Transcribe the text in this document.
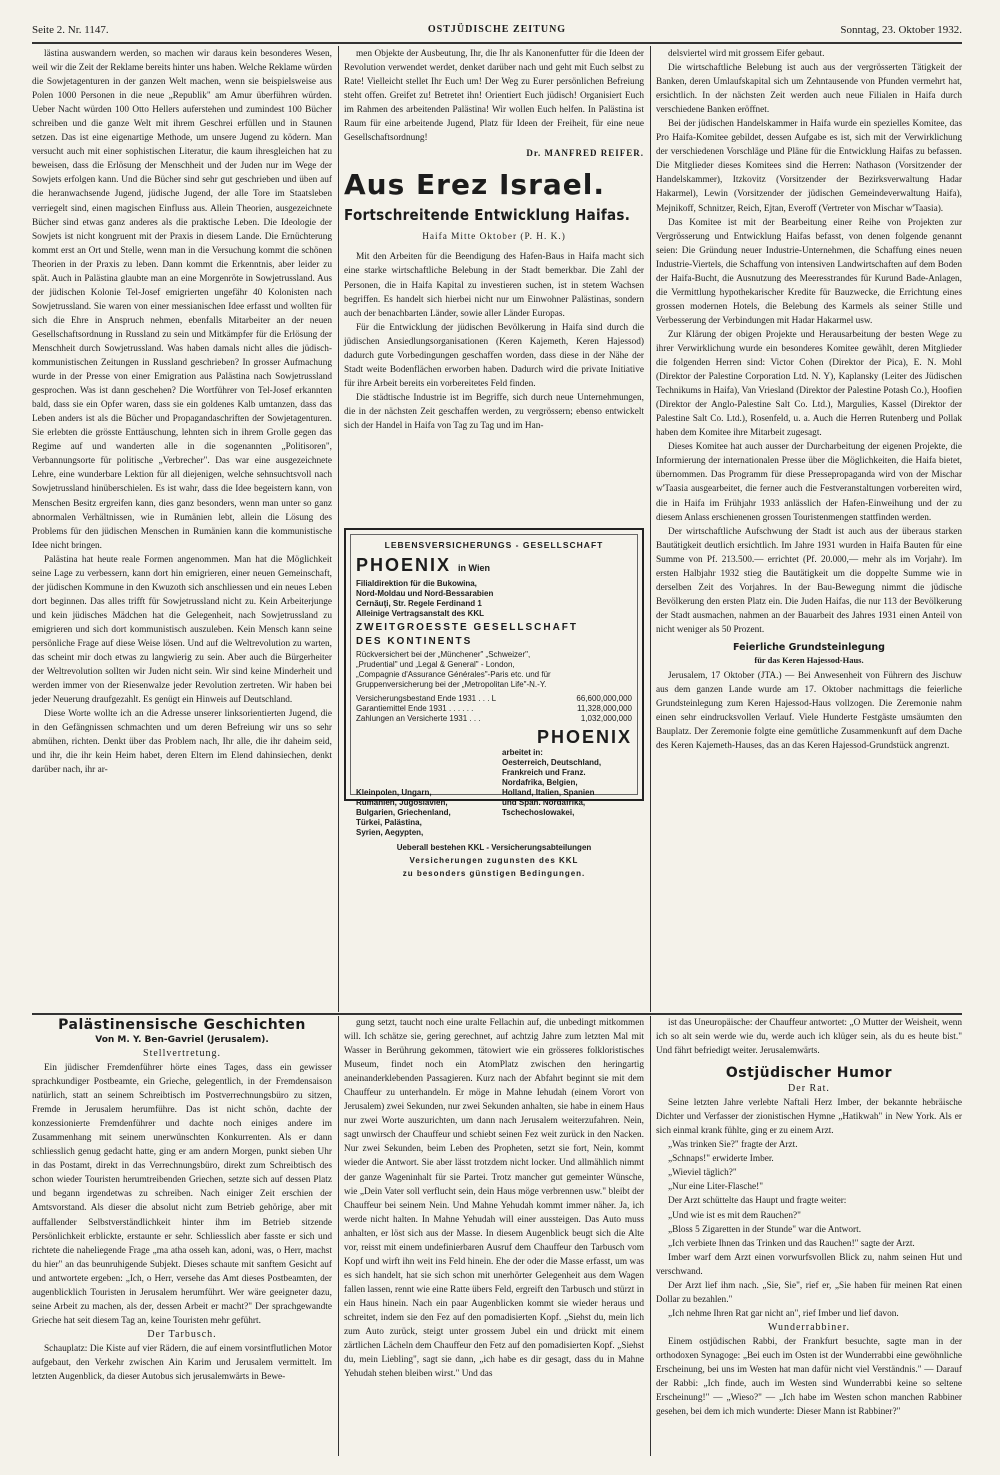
Seite 2. Nr. 1147.	OSTJÜDISCHE ZEITUNG	Sonntag, 23. Oktober 1932.

lästina auswandern werden, so machen wir daraus kein besonderes Wesen, weil wir die Zeit der Reklame bereits hinter uns haben. Welche Reklame würden die Sowjetagenturen in der ganzen Welt machen, wenn sie beispielsweise aus Polen 1000 Personen in die neue „Republik" am Amur überführen würden. Ueber Nacht würden 100 Otto Hellers auferstehen und zumindest 100 Bücher schreiben und die ganze Welt mit ihrem Geschrei erfüllen und in Staunen setzen. Das ist eine eigenartige Methode, um unsere Jugend zu ködern. Man versucht auch mit einer sophistischen Literatur, die kaum ihresgleichen hat zu beweisen, dass die Erlösung der Menschheit und der Juden nur im Wege der Sowjets erfolgen kann. Und die Bücher sind sehr gut geschrieben und üben auf die heranwachsende Jugend, jüdische Jugend, der alle Tore im Staatsleben verriegelt sind, einen magischen Einfluss aus. Allein Theorien, ausgezeichnete Bücher sind etwas ganz anderes als die praktische Leben. Die Ideologie der Sowjets ist nicht kongruent mit der Praxis in diesem Lande. Die Ernüchterung kommt erst an Ort und Stelle, wenn man in die Versuchung kommt die schönen Theorien in der Praxis zu leben. Dann kommt die Erkenntnis, aber leider zu spät. Auch in Palästina glaubte man an eine Morgenröte in Sowjetrussland. Aus der jüdischen Kolonie Tel-Josef emigrierten ungefähr 40 Kolonisten nach Sowjetrussland. Sie waren von einer messianischen Idee erfasst und wollten für sich die Ehre in Anspruch nehmen, ebenfalls Mitarbeiter an der neuen Gesellschaftsordnung in Russland zu sein und Mitkämpfer für die Erlösung der Menschheit durch Sowjetrussland. Was haben damals nicht alles die jüdisch-kommunistischen Zeitungen in Russland geschrieben? In grosser Aufmachung wurde in der Presse von einer Emigration aus Palästina nach Sowjetrussland gesprochen. Was ist dann geschehen? Die Wortführer von Tel-Josef erkannten bald, dass sie ein Opfer waren, dass sie ein goldenes Kalb umtanzen, dass das Leben anders ist als die Bücher und Propagandaschriften der Sowjetagenturen. Sie erlebten die grösste Enttäuschung, lehnten sich in ihrem Grolle gegen das Regime auf und wanderten alle in die sogenannten „Politisoren", Verbannungsorte für politische „Verbrecher". Das war eine ausgezeichnete Lehre, eine wunderbare Lektion für all diejenigen, welche sehnsuchtsvoll nach Sowjetrussland hinüberschielen. Es ist wahr, dass die Idee begeistern kann, von Menschen Besitz ergreifen kann, dies ganz besonders, wenn man unter so ganz abnormalen Verhältnissen, wie in Rumänien lebt, allein die Lösung des Problems für den jüdischen Menschen in Rumänien kann die kommunistische Idee nicht bringen.

Palästina hat heute reale Formen angenommen. Man hat die Möglichkeit seine Lage zu verbessern, kann dort hin emigrieren, einer neuen Gemeinschaft, der jüdischen Kommune in den Kwuzoth sich anschliessen und ein neues Leben dort beginnen. Das alles trifft für Sowjetrussland nicht zu. Kein Arbeiterjunge und kein jüdisches Mädchen hat die Gelegenheit, nach Sowjetrussland zu emigrieren und sich dort kommunistisch auszuleben. Kein Mensch kann seine persönliche Frage auf diese Weise lösen. Und auf die Weltrevolution zu warten, das scheint mir doch etwas zu langwierig zu sein. Aber auch die Bürgerheiter der Weltrevolution sollten wir Juden nicht sein. Wir sind keine Minderheit und werden immer von der Riesenwalze jeder Revolution zertreten. Wir haben bei jeder Neuerung draufgezahlt. Es genügt ein Hinweis auf Deutschland.

Diese Worte wollte ich an die Adresse unserer linksorientierten Jugend, die in den Gefängnissen schmachten und um deren Befreiung wir uns so sehr abmühen, richten. Denkt über das Problem nach, Ihr alle, die ihr daheim seid, und ihr, die ihr kein Heim habet, deren Eltern im Elend dahinsiechen, denkt darüber nach, ihr ar-

men Objekte der Ausbeutung, Ihr, die Ihr als Kanonenfutter für die Ideen der Revolution verwendet werdet, denket darüber nach und geht mit Euch selbst zu Rate! Vielleicht stellet Ihr Euch um! Der Weg zu Eurer persönlichen Befreiung steht offen. Greifet zu! Betretet ihn! Orientiert Euch jüdisch! Organisiert Euch im Rahmen des arbeitenden Palästina! Wir wollen Euch helfen. In Palästina ist Raum für eine arbeitende Jugend, Platz für Ideen der Freiheit, für eine neue Gesellschaftsordnung!

Dr. MANFRED REIFER.
Aus Erez Israel.
Fortschreitende Entwicklung Haifas.
Haifa Mitte Oktober (P. H. K.)

Mit den Arbeiten für die Beendigung des Hafen-Baus in Haifa macht sich eine starke wirtschaftliche Belebung in der Stadt bemerkbar. Die Zahl der Personen, die in Haifa Kapital zu investieren suchen, ist in stetem Wachsen begriffen. Es handelt sich hierbei nicht nur um Einwohner Palästinas, sondern auch der benachbarten Länder, sowie aller Länder Europas.

Für die Entwicklung der jüdischen Bevölkerung in Haifa sind durch die jüdischen Ansiedlungsorganisationen (Keren Kajemeth, Keren Hajessod) dadurch gute Vorbedingungen geschaffen worden, dass diese in der Nähe der Stadt weite Bodenflächen erworben haben. Dadurch wird die private Initiative für ihre Arbeit bereits ein vorbereitetes Feld finden.

Die städtische Industrie ist im Begriffe, sich durch neue Unternehmungen, die in der nächsten Zeit geschaffen werden, zu vergrössern; ebenso entwickelt sich der Handel in Haifa von Tag zu Tag und im Han-

LEBENSVERSICHERUNGS - GESELLSCHAFT
PHOENIX in Wien
Filialdirektion für die Bukowina,
Nord-Moldau und Nord-Bessarabien
Cernăuţi, Str. Regele Ferdinand 1
Alleinige Vertragsanstalt des KKL
ZWEITGROESSTE GESELLSCHAFT
DES KONTINENTS
Rückversichert bei der „Münchener" „Schweizer",
„Prudential" und „Legal & General" - London,
„Compagnie d'Assurance Générales"-Paris etc. und für
Gruppenversicherung bei der „Metropolitan Life"-N.-Y.
Versicherungsbestand Ende 1931 . . . L	66,600,000,000
Garantiemittel Ende 1931 . . . . . .	11,328,000,000
Zahlungen an Versicherte 1931 . . .	1,032,000,000
PHOENIX
Kleinpolen, Ungarn,
Rumänien, Jugoslavien,
Bulgarien, Griechenland,
Türkei, Palästina,
Syrien, Aegypten,
arbeitet in:
Oesterreich, Deutschland,
Frankreich und Franz.
Nordafrika, Belgien,
Holland, Italien, Spanien
und Span. Nordafrika,
Tschechoslowakei,
Ueberall bestehen KKL - Versicherungsabteilungen
Versicherungen zugunsten des KKL
zu besonders günstigen Bedingungen.

delsviertel wird mit grossem Eifer gebaut.

Die wirtschaftliche Belebung ist auch aus der vergrösserten Tätigkeit der Banken, deren Umlaufskapital sich um Zehntausende von Pfunden vermehrt hat, ersichtlich. In der nächsten Zeit werden auch neue Filialen in Haifa durch verschiedene Banken eröffnet.

Bei der jüdischen Handelskammer in Haifa wurde ein spezielles Komitee, das Pro Haifa-Komitee gebildet, dessen Aufgabe es ist, sich mit der Verwirklichung der verschiedenen Vorschläge und Pläne für die Entwicklung Haifas zu befassen. Die Mitglieder dieses Komitees sind die Herren: Nathason (Vorsitzender der Handelskammer), Itzkovitz (Vorsitzender der Bezirksverwaltung Hadar Hakarmel), Lewin (Vorsitzender der jüdischen Gemeindeverwaltung Haifa), Mejnikoff, Schnitzer, Reich, Ejtan, Everoff (Vertreter von Mischar w'Taasia).

Das Komitee ist mit der Bearbeitung einer Reihe von Projekten zur Vergrösserung und Entwicklung Haifas befasst, von denen folgende genannt seien: Die Gründung neuer Industrie-Unternehmen, die Schaffung eines neuen Industrie-Viertels, die Schaffung von intensiven Landwirtschaften auf dem Boden der Haifa-Bucht, die Ausnutzung des Meeresstrandes für Kurund Bade-Anlagen, die Vermittlung hypothekarischer Kredite für Bauzwecke, die Errichtung eines grossen modernen Hotels, die Belebung des Karmels als seiner Stille und Verbesserung der Verbindungen mit Hadar Hakarmel usw.

Zur Klärung der obigen Projekte und Herausarbeitung der besten Wege zu ihrer Verwirklichung wurde ein besonderes Komitee gewählt, deren Mitglieder die folgenden Herren sind: Victor Cohen (Direktor der Pica), E. N. Mohl (Direktor der Palestine Corporation Ltd. N. Y), Kaplansky (Leiter des Jüdischen Technikums in Haifa), Van Vriesland (Direktor der Palestine Potash Co.), Hoofien (Direktor der Anglo-Palestine Salt Co. Ltd.), Margulies, Kassel (Direktor der Palestine Salt Co. Ltd.), Rosenfeld, u. a. Auch die Herren Rutenberg und Pollak haben dem Komitee ihre Mitarbeit zugesagt.

Dieses Komitee hat auch ausser der Durcharbeitung der eigenen Projekte, die Informierung der internationalen Presse über die Möglichkeiten, die Haifa bietet, übernommen. Das Programm für diese Pressepropaganda wird von der Mischar w'Taasia ausgearbeitet, die ferner auch die Festveranstaltungen vorbereiten wird, die in Haifa im Frühjahr 1933 anlässlich der Hafen-Einweihung und der zu diesem Anlass erschienenen grossen Touristenmengen stattfinden werden.

Der wirtschaftliche Aufschwung der Stadt ist auch aus der überaus starken Bautätigkeit deutlich ersichtlich. Im Jahre 1931 wurden in Haifa Bauten für eine Summe von Pf. 213.500.— errichtet (Pf. 20.000,— mehr als im Vorjahr). Im ersten Halbjahr 1932 stieg die Bautätigkeit um die doppelte Summe wie in derselben Zeit des Vorjahres. In der Bau-Bewegung nimmt die jüdische Bevölkerung den ersten Platz ein. Die Juden Haifas, die nur 113 der Bevölkerung der Stadt ausmachen, nahmen an der Bauarbeit des Jahres 1931 einen Anteil von nicht weniger als 50 Prozent.

Feierliche Grundsteinlegung
für das Keren Hajessod-Haus.

Jerusalem, 17 Oktober (JTA.) — Bei Anwesenheit von Führern des Jischuw aus dem ganzen Lande wurde am 17. Oktober nachmittags die feierliche Grundsteinlegung zum Keren Hajessod-Haus vollzogen. Die Zeremonie nahm einen sehr eindrucksvollen Verlauf. Viele Hunderte Festgäste umsäumten den Bauplatz. Der Zeremonie folgte eine gemütliche Zusammenkunft auf dem Dache des Keren Kajemeth-Hauses, das an das Keren Hajessod-Grundstück angrenzt.

Palästinensische Geschichten
Von M. Y. Ben-Gavriel (Jerusalem).
Stellvertretung.

Ein jüdischer Fremdenführer hörte eines Tages, dass ein gewisser sprachkundiger Postbeamte, ein Grieche, gelegentlich, in der Fremdensaison natürlich, statt an seinem Schreibtisch im Postverrechnungsbüro zu sitzen, Fremde in Jerusalem herumführe. Das ist nicht schön, dachte der konzessionierte Fremdenführer und dachte noch einiges andere im Zusammenhang mit seinem unerwünschten Konkurrenten. Als er dann schliesslich genug gedacht hatte, ging er am andern Morgen, punkt sieben Uhr in das Postamt, direkt in das Verrechnungsbüro, direkt zum Schreibtisch des schon wieder Touristen herumtreibenden Griechen, setzte sich auf dessen Platz und begann irgendetwas zu schreiben. Nach einiger Zeit erschien der Amtsvorstand. Als dieser die absolut nicht zum Betrieb gehörige, aber mit auffallender Selbstverständlichkeit hinter ihm im Betrieb sitzende Persönlichkeit erblickte, erstaunte er sehr. Schliesslich aber fasste er sich und richtete die naheliegende Frage „ma atha osseh kan, adoni, was, o Herr, machst du hier" an das beunruhigende Subjekt. Dieses schaute mit sanftem Gesicht auf und antwortete ergeben: „Ich, o Herr, versehe das Amt dieses Postbeamten, der augenblicklich Touristen in Jerusalem herumführt. Wer wäre geeigneter dazu, seine Arbeit zu machen, als der, dessen Arbeit er macht?" Der sprachgewandte Grieche hat seit diesem Tag an, keine Touristen mehr geführt.

Der Tarbusch.

Schauplatz: Die Kiste auf vier Rädern, die auf einem vorsintflutlichen Motor aufgebaut, den Verkehr zwischen Ain Karim und Jerusalem vermittelt. Im letzten Augenblick, da dieser Autobus sich jerusalemwärts in Bewe-

gung setzt, taucht noch eine uralte Fellachin auf, die unbedingt mitkommen will. Ich schätze sie, gering gerechnet, auf achtzig Jahre zum letzten Mal mit Wasser in Berührung gekommen, tätowiert wie ein grösseres folkloristisches Museum, findet noch ein AtomPlatz zwischen den heringartig aneinanderklebenden Passagieren. Kurz nach der Abfahrt beginnt sie mit dem Chauffeur zu unterhandeln. Er möge in Mahne Iehudah (einem Vorort von Jerusalem) zwei Sekunden, nur zwei Sekunden anhalten, sie habe in einem Haus nur zwei Worte auszurichten, um dann nach Jerusalem weiterzufahren. Nein, sagt unwirsch der Chauffeur und schiebt seinen Fez weit zurück in den Nacken. Nur zwei Sekunden, beim Leben des Propheten, setzt sie fort, Nein, kommt wieder die Antwort. Sie aber lässt trotzdem nicht locker. Und allmählich nimmt der ganze Wageninhalt für sie Partei. Trotz mancher gut gemeinter Wünsche, wie „Dein Vater soll verflucht sein, dein Haus möge verbrennen usw." bleibt der Chauffeur bei seinem Nein. Und Mahne Yehudah kommt immer näher. Ja, ich werde nicht halten. In Mahne Yehudah will einer aussteigen. Das Auto muss anhalten, er löst sich aus der Masse. In diesem Augenblick beugt sich die Alte vor, reisst mit einem undefinierbaren Ausruf dem Chauffeur den Tarbusch vom Kopf und wirft ihn weit ins Feld hinein. Ehe der oder die Masse erfasst, um was es sich handelt, hat sie sich schon mit unerhörter Gelegenheit aus dem Wagen fallen lassen, rennt wie eine Ratte übers Feld, ergreift den Tarbusch und stürzt in ein Haus hinein. Nach ein paar Augenblicken kommt sie wieder heraus und schreitet, indem sie den Fez auf den pomadisierten Kopf. „Siehst du, mein lich zum Auto zurück, steigt unter grossem Jubel ein und drückt mit einem zärtlichen Lächeln dem Chauffeur den Fetz auf den pomadisierten Kopf. „Siehst du, mein Liebling", sagt sie dann, „ich habe es dir gesagt, dass du in Mahne Yehudah stehen bleiben wirst." Und das

ist das Uneuropäische: der Chauffeur antwortet: „O Mutter der Weisheit, wenn ich so alt sein werde wie du, werde auch ich klüger sein, als du es heute bist." Und fährt befriedigt weiter. Jerusalemwärts.

Ostjüdischer Humor
Der Rat.

Seine letzten Jahre verlebte Naftali Herz Imber, der bekannte hebräische Dichter und Verfasser der zionistischen Hymne „Hatikwah" in New York. Als er sich einmal krank fühlte, ging er zu einem Arzt.

„Was trinken Sie?" fragte der Arzt.

„Schnaps!" erwiderte Imber.

„Wieviel täglich?"

„Nur eine Liter-Flasche!"

Der Arzt schüttelte das Haupt und fragte weiter:

„Und wie ist es mit dem Rauchen?"

„Bloss 5 Zigaretten in der Stunde" war die Antwort.

„Ich verbiete Ihnen das Trinken und das Rauchen!" sagte der Arzt.

Imber warf dem Arzt einen vorwurfsvollen Blick zu, nahm seinen Hut und verschwand.

Der Arzt lief ihm nach. „Sie, Sie", rief er, „Sie haben für meinen Rat einen Dollar zu bezahlen."

„Ich nehme Ihren Rat gar nicht an", rief Imber und lief davon.

Wunderrabbiner.

Einem ostjüdischen Rabbi, der Frankfurt besuchte, sagte man in der orthodoxen Synagoge: „Bei euch im Osten ist der Wunderrabbi eine gewöhnliche Erscheinung, bei uns im Westen hat man dafür nicht viel Verständnis." — Darauf der Rabbi: „Ich finde, auch im Westen sind Wunderrabbi keine so seltene Erscheinung!" — „Wieso?" — „Ich habe im Westen schon manchen Rabbiner gesehen, bei dem ich mich wunderte: Dieser Mann ist Rabbiner?"
